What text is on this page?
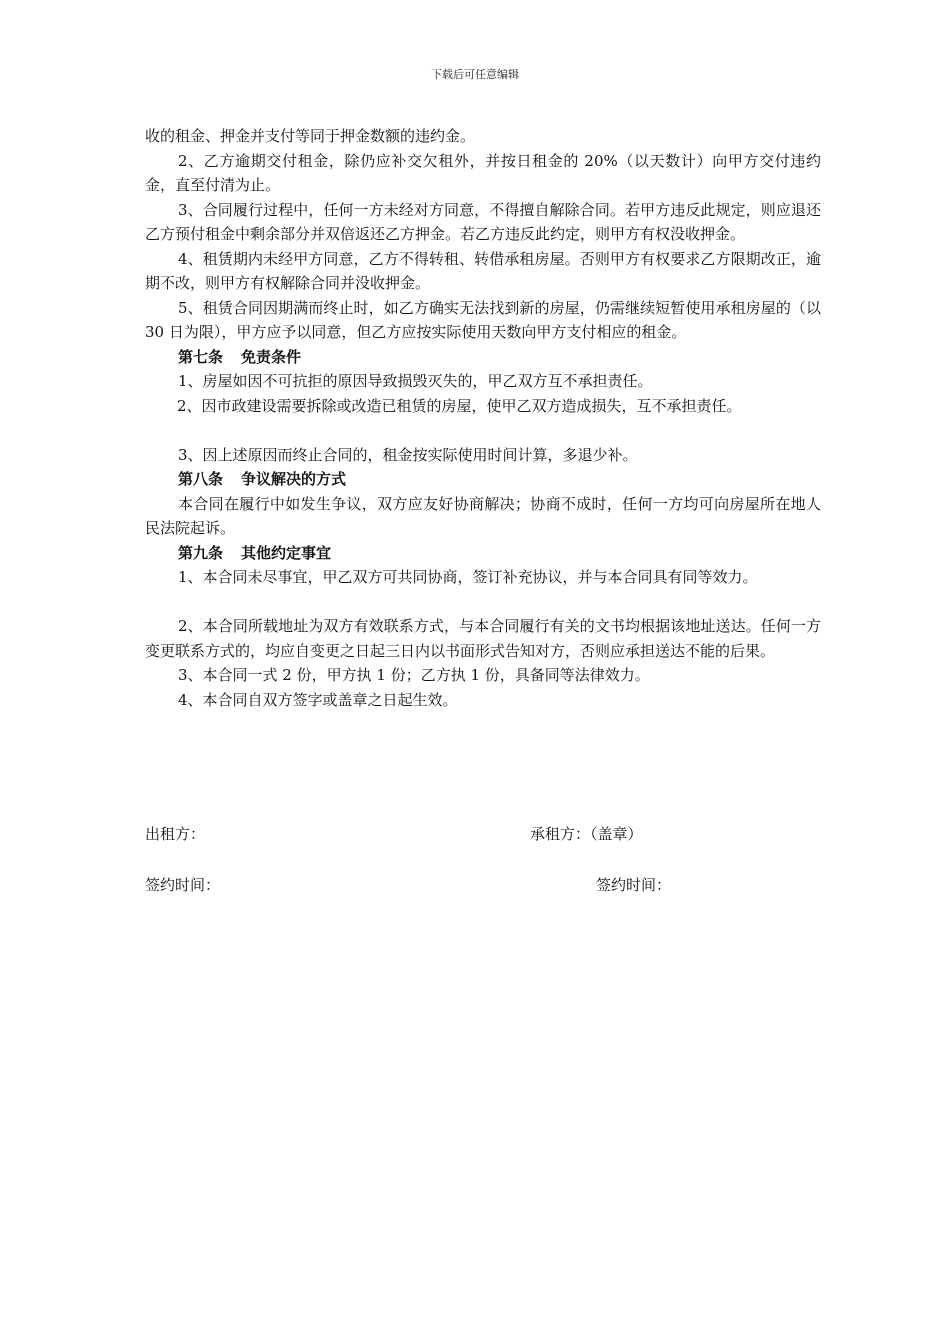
下载后可任意编辑

收的租金、押金并支付等同于押金数额的违约金。

2、乙方逾期交付租金，除仍应补交欠租外，并按日租金的 20%（以天数计）向甲方交付违约金，直至付清为止。

3、合同履行过程中，任何一方未经对方同意，不得擅自解除合同。若甲方违反此规定，则应退还乙方预付租金中剩余部分并双倍返还乙方押金。若乙方违反此约定，则甲方有权没收押金。

4、租赁期内未经甲方同意，乙方不得转租、转借承租房屋。否则甲方有权要求乙方限期改正，逾期不改，则甲方有权解除合同并没收押金。

5、租赁合同因期满而终止时，如乙方确实无法找到新的房屋，仍需继续短暂使用承租房屋的（以 30 日为限），甲方应予以同意，但乙方应按实际使用天数向甲方支付相应的租金。

第七条 免责条件

1、房屋如因不可抗拒的原因导致损毁灭失的，甲乙双方互不承担责任。

2、因市政建设需要拆除或改造已租赁的房屋，使甲乙双方造成损失，互不承担责任。

3、因上述原因而终止合同的，租金按实际使用时间计算，多退少补。

第八条 争议解决的方式

本合同在履行中如发生争议，双方应友好协商解决；协商不成时，任何一方均可向房屋所在地人民法院起诉。

第九条 其他约定事宜

1、本合同未尽事宜，甲乙双方可共同协商，签订补充协议，并与本合同具有同等效力。

2、本合同所载地址为双方有效联系方式，与本合同履行有关的文书均根据该地址送达。任何一方变更联系方式的，均应自变更之日起三日内以书面形式告知对方，否则应承担送达不能的后果。

3、本合同一式 2 份，甲方执 1 份；乙方执 1 份，具备同等法律效力。

4、本合同自双方签字或盖章之日起生效。

出租方：	承租方：（盖章）
签约时间：	签约时间：
